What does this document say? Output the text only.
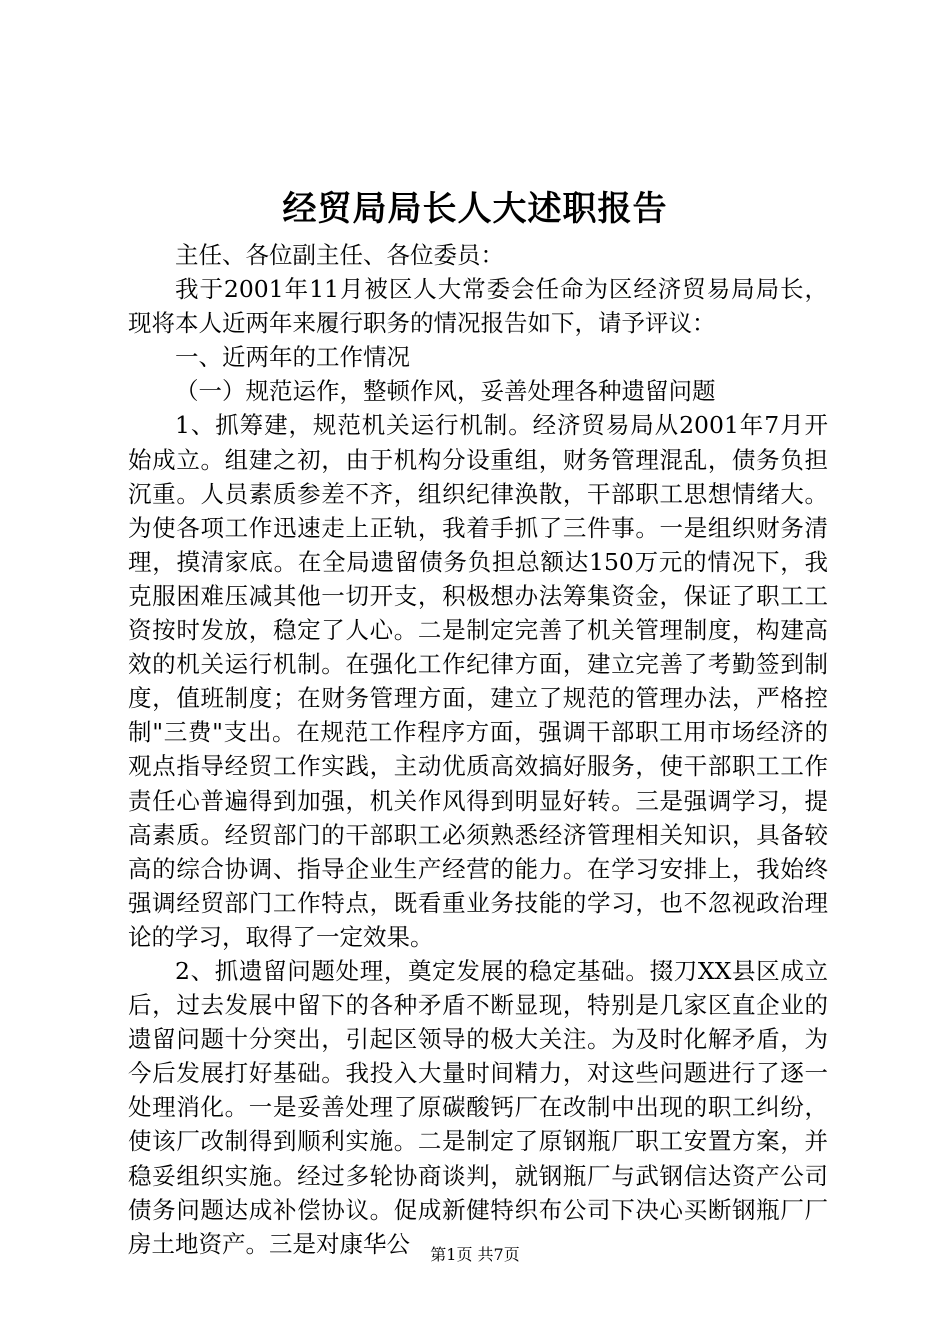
经贸局局长人大述职报告

主任、各位副主任、各位委员：

我于2001年11月被区人大常委会任命为区经济贸易局局长，现将本人近两年来履行职务的情况报告如下，请予评议：

一、近两年的工作情况

（一）规范运作，整顿作风，妥善处理各种遗留问题

1、抓筹建，规范机关运行机制。经济贸易局从2001年7月开始成立。组建之初，由于机构分设重组，财务管理混乱，债务负担沉重。人员素质参差不齐，组织纪律涣散，干部职工思想情绪大。为使各项工作迅速走上正轨，我着手抓了三件事。一是组织财务清理，摸清家底。在全局遗留债务负担总额达150万元的情况下，我克服困难压减其他一切开支，积极想办法筹集资金，保证了职工工资按时发放，稳定了人心。二是制定完善了机关管理制度，构建高效的机关运行机制。在强化工作纪律方面，建立完善了考勤签到制度，值班制度；在财务管理方面，建立了规范的管理办法，严格控制"三费"支出。在规范工作程序方面，强调干部职工用市场经济的观点指导经贸工作实践，主动优质高效搞好服务，使干部职工工作责任心普遍得到加强，机关作风得到明显好转。三是强调学习，提高素质。经贸部门的干部职工必须熟悉经济管理相关知识，具备较高的综合协调、指导企业生产经营的能力。在学习安排上，我始终强调经贸部门工作特点，既看重业务技能的学习，也不忽视政治理论的学习，取得了一定效果。

2、抓遗留问题处理，奠定发展的稳定基础。掇刀XX县区成立后，过去发展中留下的各种矛盾不断显现，特别是几家区直企业的遗留问题十分突出，引起区领导的极大关注。为及时化解矛盾，为今后发展打好基础。我投入大量时间精力，对这些问题进行了逐一处理消化。一是妥善处理了原碳酸钙厂在改制中出现的职工纠纷，使该厂改制得到顺利实施。二是制定了原钢瓶厂职工安置方案，并稳妥组织实施。经过多轮协商谈判，就钢瓶厂与武钢信达资产公司债务问题达成补偿协议。促成新健特织布公司下决心买断钢瓶厂厂房土地资产。三是对康华公	第1页 共7页
